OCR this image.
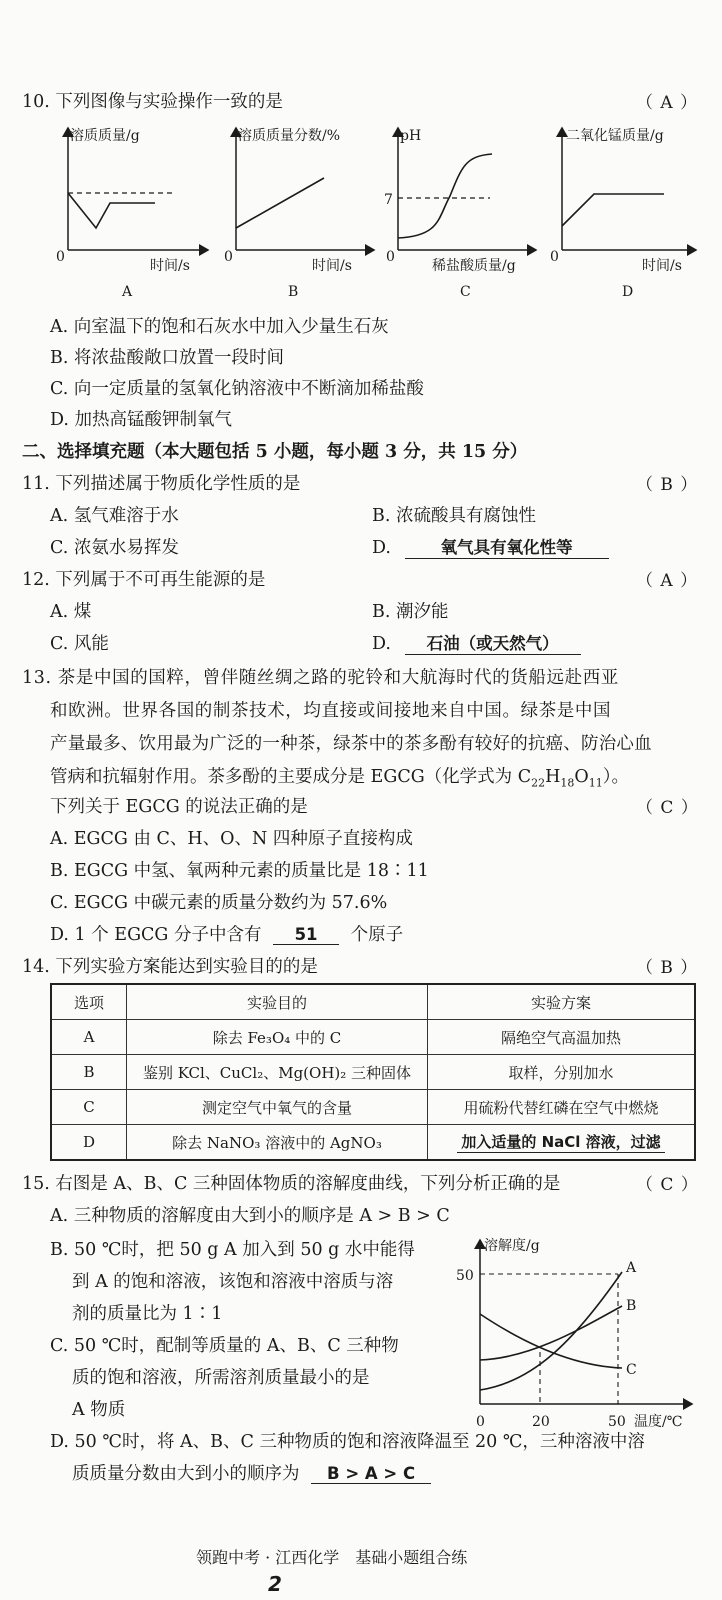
10. 下列图像与实验操作一致的是	（ A ）
溶质质量/g
0
时间/s
A
溶质质量分数/%
0
时间/s
B
pH
7
0
稀盐酸质量/g
C
二氧化锰质量/g
0
时间/s
D
A. 向室温下的饱和石灰水中加入少量生石灰
B. 将浓盐酸敞口放置一段时间
C. 向一定质量的氢氧化钠溶液中不断滴加稀盐酸
D. 加热高锰酸钾制氧气
二、选择填充题（本大题包括 5 小题，每小题 3 分，共 15 分）
11. 下列描述属于物质化学性质的是	（ B ）
A. 氢气难溶于水	B. 浓硫酸具有腐蚀性
C. 浓氨水易挥发	D.	氧气具有氧化性等
12. 下列属于不可再生能源的是	（ A ）
A. 煤	B. 潮汐能
C. 风能	D. 石油（或天然气）
13. 茶是中国的国粹，曾伴随丝绸之路的驼铃和大航海时代的货船远赴西亚
和欧洲。世界各国的制茶技术，均直接或间接地来自中国。绿茶是中国
产量最多、饮用最为广泛的一种茶，绿茶中的茶多酚有较好的抗癌、防治心血
管病和抗辐射作用。茶多酚的主要成分是 EGCG（化学式为 $C_{22}H_{18}O_{11}$）。
下列关于 EGCG 的说法正确的是	（ C ）
A. EGCG 由 C、H、O、N 四种原子直接构成
B. EGCG 中氢、氧两种元素的质量比是 18∶11
C. EGCG 中碳元素的质量分数约为 57.6%
D. 1 个 EGCG 分子中含有 51 个原子
14. 下列实验方案能达到实验目的的是	（ B ）
选项	实验目的	实验方案
A	除去 Fe₃O₄ 中的 C	隔绝空气高温加热
B	鉴别 KCl、CuCl₂、Mg(OH)₂ 三种固体	取样，分别加水
C	测定空气中氧气的含量	用硫粉代替红磷在空气中燃烧
D	除去 NaNO₃ 溶液中的 AgNO₃	加入适量的 NaCl 溶液，过滤
15. 右图是 A、B、C 三种固体物质的溶解度曲线，下列分析正确的是	（ C ）
A. 三种物质的溶解度由大到小的顺序是 A > B > C
B. 50 ℃时，把 50 g A 加入到 50 g 水中能得
到 A 的饱和溶液，该饱和溶液中溶质与溶
剂的质量比为 1∶1
C. 50 ℃时，配制等质量的 A、B、C 三种物
质的饱和溶液，所需溶剂质量最小的是
A 物质
D. 50 ℃时，将 A、B、C 三种物质的饱和溶液降温至 20 ℃，三种溶液中溶
质质量分数由大到小的顺序为 B > A > C
溶解度/g
50
0	20	50 温度/℃
A
B
C
领跑中考 · 江西化学　基础小题组合练
2
